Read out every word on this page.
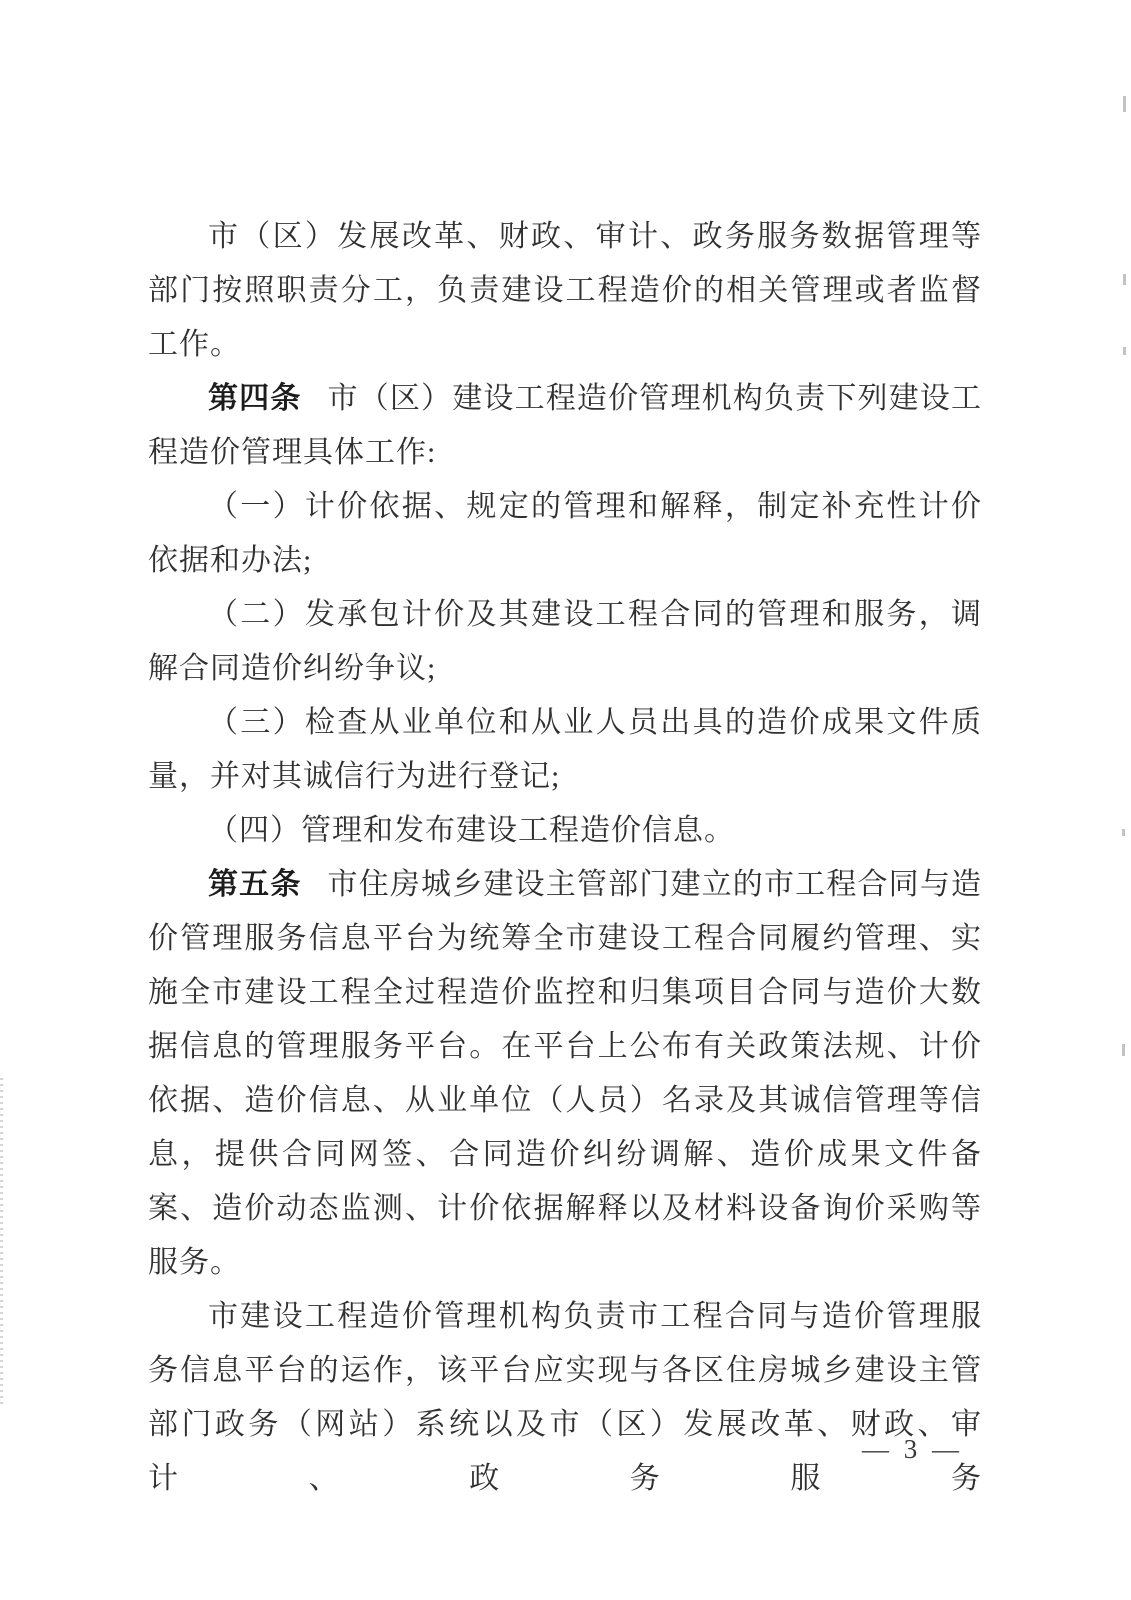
市（区）发展改革、财政、审计、政务服务数据管理等部门按照职责分工，负责建设工程造价的相关管理或者监督工作。

第四条 市（区）建设工程造价管理机构负责下列建设工程造价管理具体工作:

（一）计价依据、规定的管理和解释，制定补充性计价依据和办法;

（二）发承包计价及其建设工程合同的管理和服务，调解合同造价纠纷争议;

（三）检查从业单位和从业人员出具的造价成果文件质量，并对其诚信行为进行登记;

（四）管理和发布建设工程造价信息。

第五条 市住房城乡建设主管部门建立的市工程合同与造价管理服务信息平台为统筹全市建设工程合同履约管理、实施全市建设工程全过程造价监控和归集项目合同与造价大数据信息的管理服务平台。在平台上公布有关政策法规、计价依据、造价信息、从业单位（人员）名录及其诚信管理等信息，提供合同网签、合同造价纠纷调解、造价成果文件备案、造价动态监测、计价依据解释以及材料设备询价采购等服务。

市建设工程造价管理机构负责市工程合同与造价管理服务信息平台的运作，该平台应实现与各区住房城乡建设主管部门政务（网站）系统以及市（区）发展改革、财政、审计、政务服务

— 3 —
